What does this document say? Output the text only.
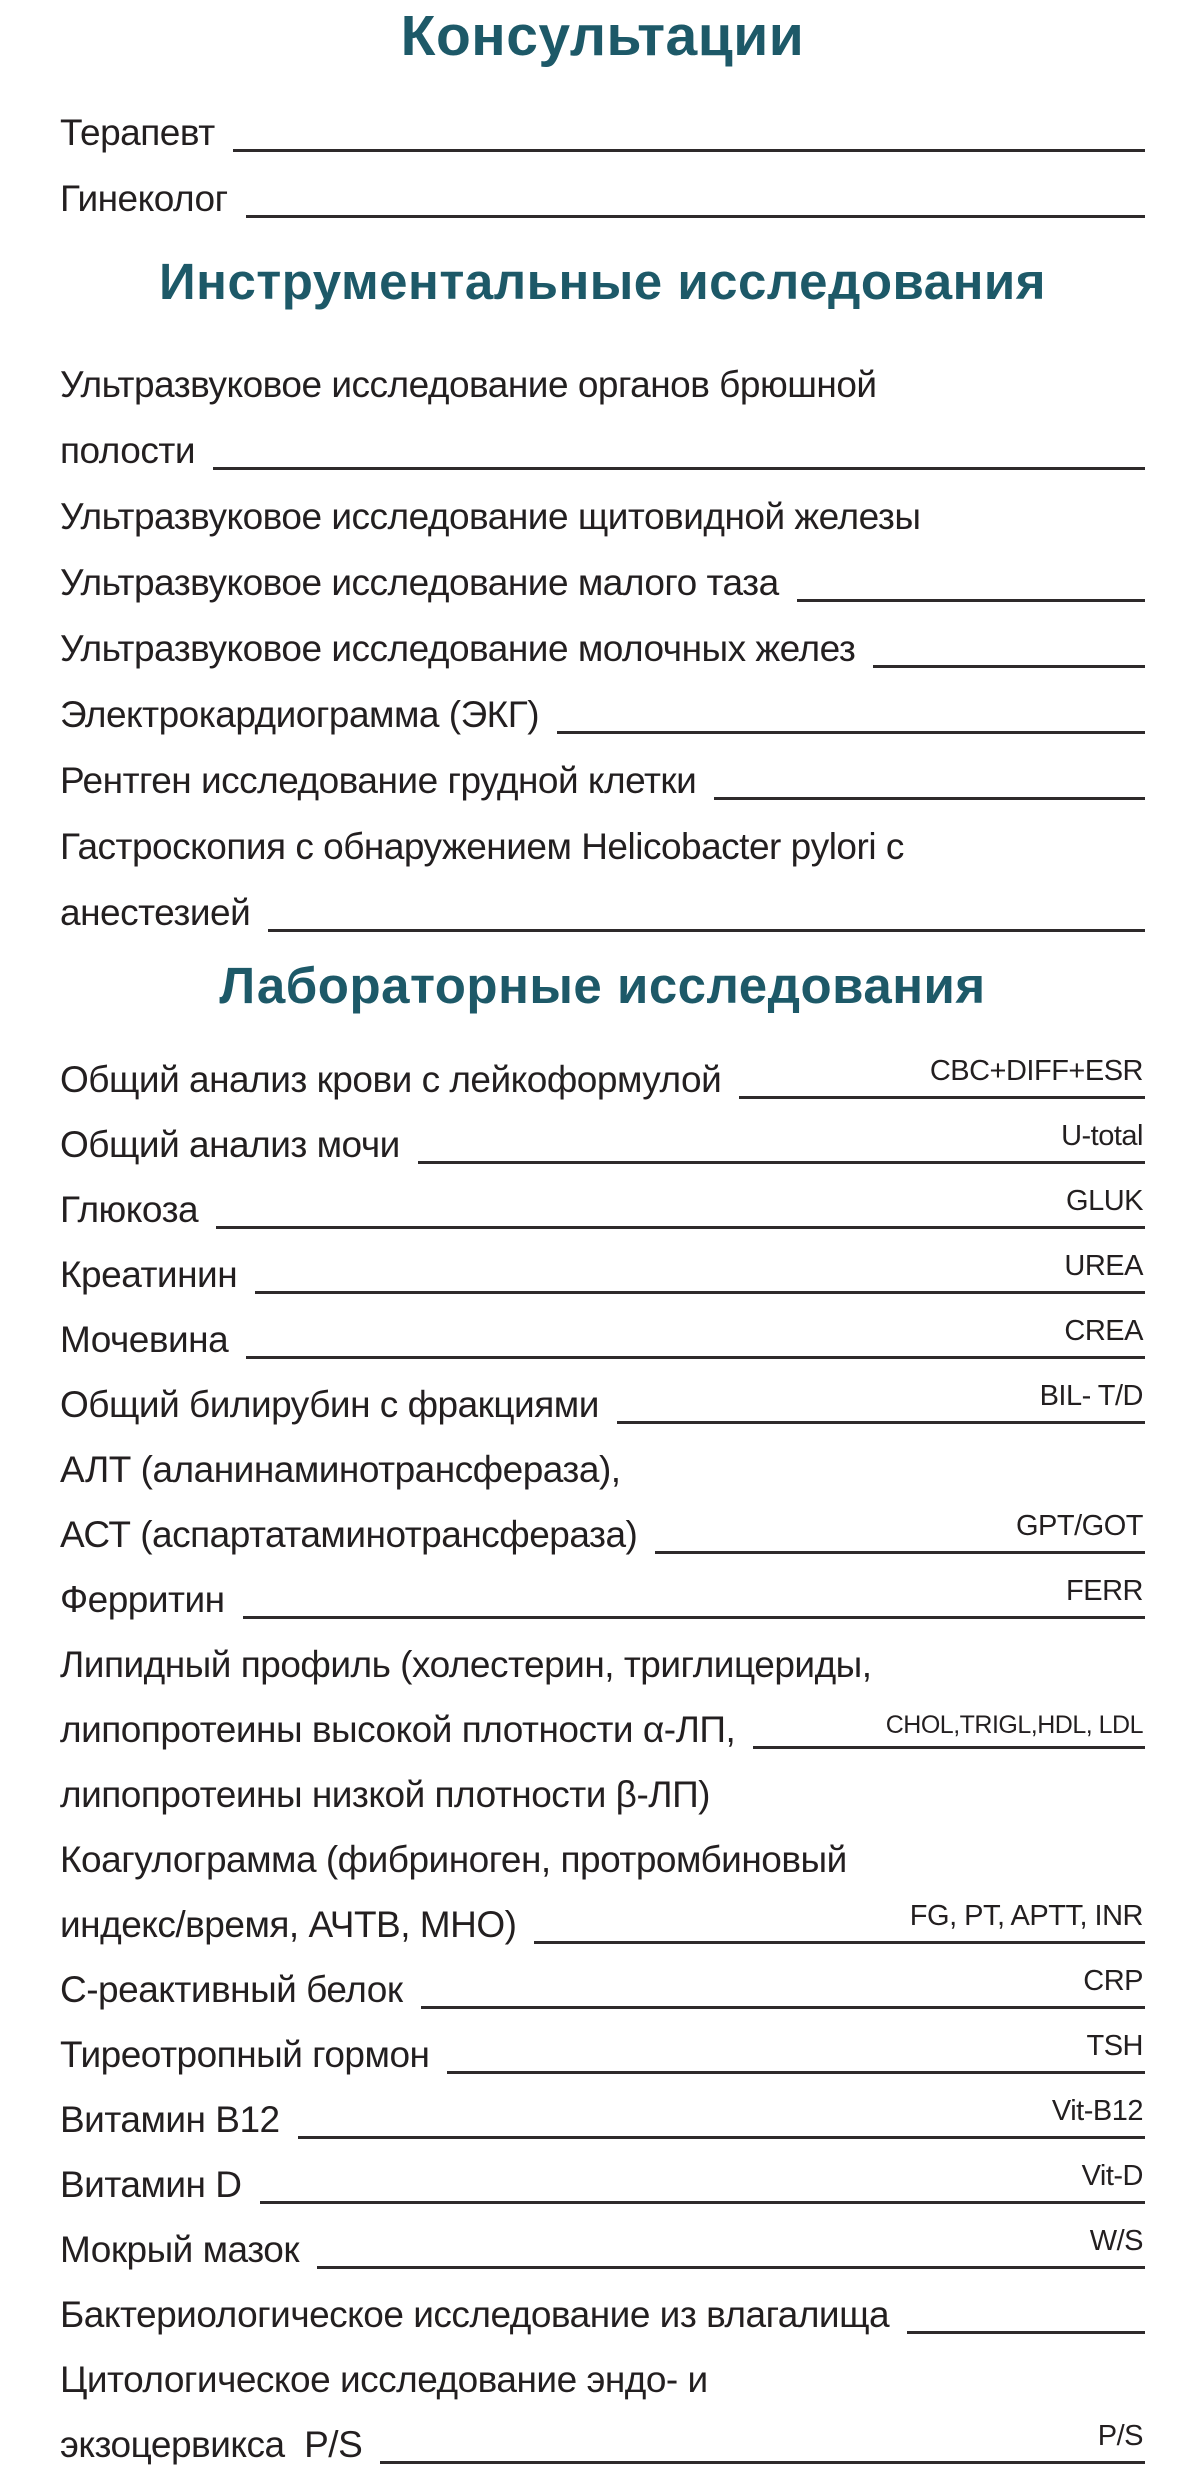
Консультации
Терапевт
Гинеколог
Инструментальные исследования
Ультразвуковое исследование органов брюшной
полости
Ультразвуковое исследование щитовидной железы
Ультразвуковое исследование малого таза
Ультразвуковое исследование молочных желез
Электрокардиограмма (ЭКГ)
Рентген исследование грудной клетки
Гастроскопия с обнаружением Helicobacter pylori с
анестезией
Лабораторные исследования
Общий анализ крови с лейкоформулой	CBC+DIFF+ESR
Общий анализ мочи	U-total
Глюкоза	GLUK
Креатинин	UREA
Мочевина	CREA
Общий билирубин с фракциями	BIL- T/D
АЛТ (аланинаминотрансфераза),
АСТ (аспартатаминотрансфераза)	GPT/GOT
Ферритин	FERR
Липидный профиль (холестерин, триглицериды,
липопротеины высокой плотности α-ЛП,	CHOL,TRIGL,HDL, LDL
липопротеины низкой плотности β-ЛП)
Коагулограмма (фибриноген, протромбиновый
индекс/время, АЧТВ, МНО)	FG, PT, APTT, INR
С-реактивный белок	CRP
Тиреотропный гормон	TSH
Витамин B12	Vit-B12
Витамин D	Vit-D
Мокрый мазок	W/S
Бактериологическое исследование из влагалища
Цитологическое исследование эндо- и
экзоцервикса  P/S	P/S
